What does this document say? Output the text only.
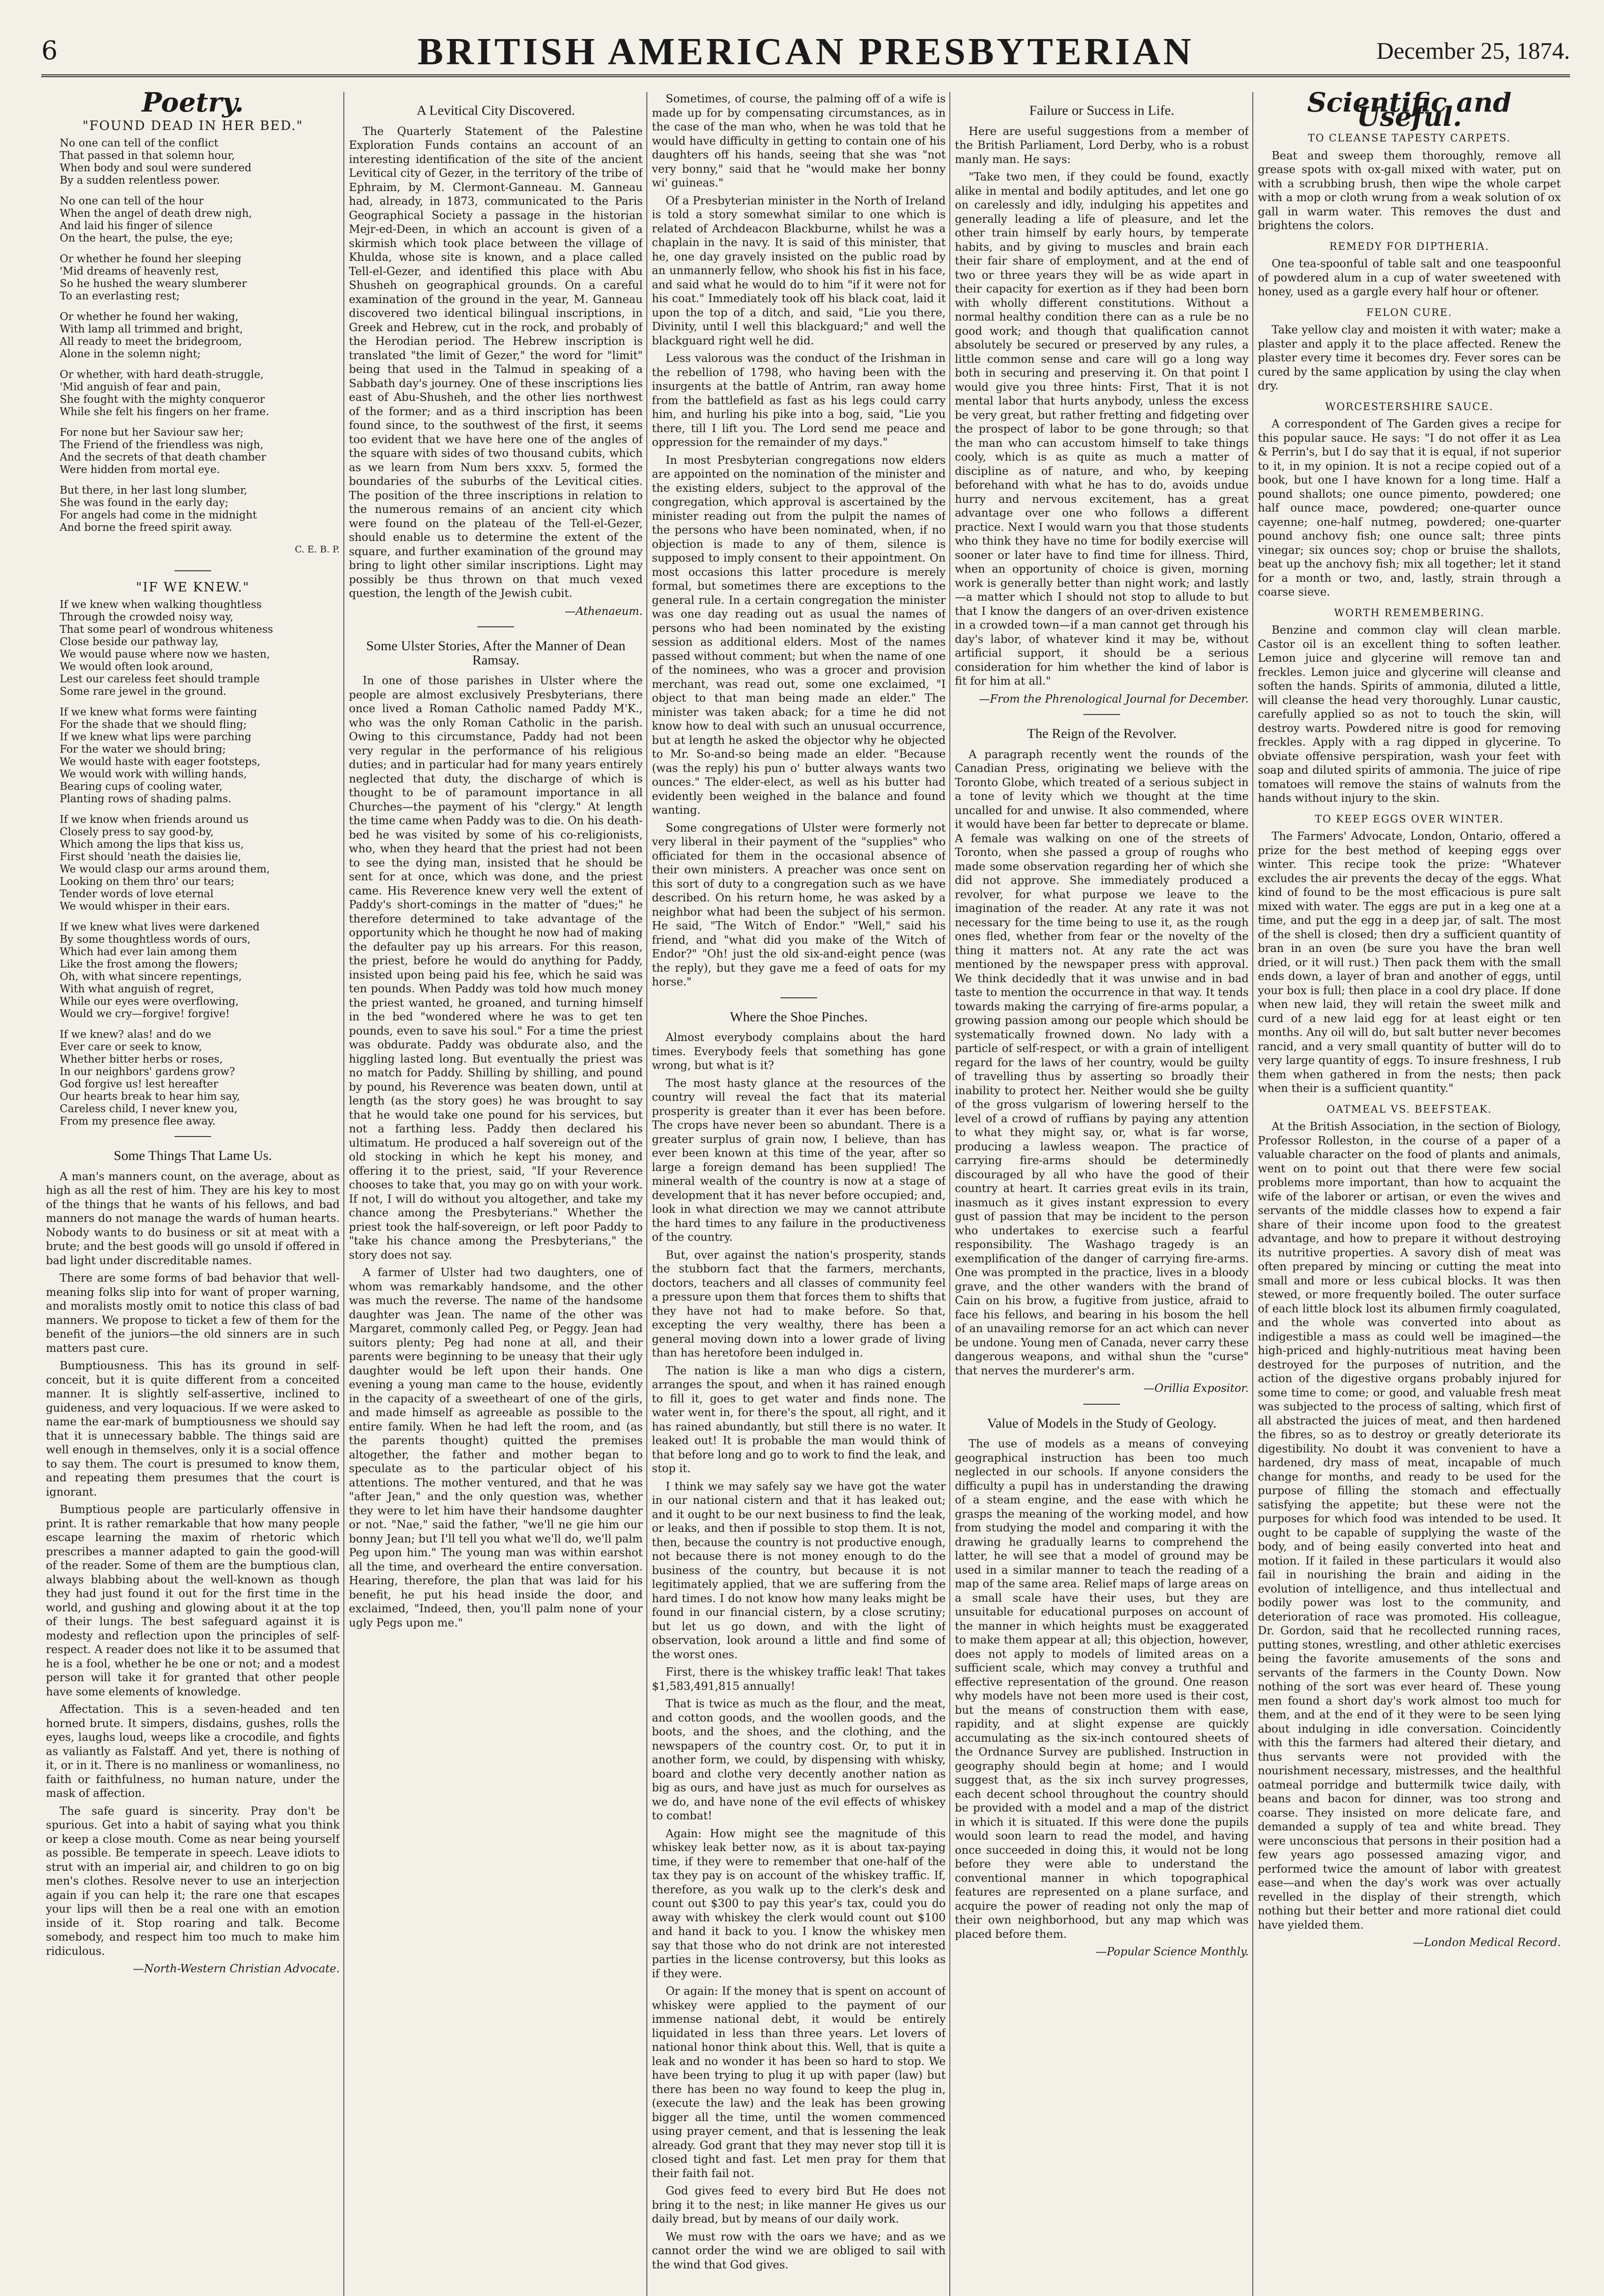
6	BRITISH AMERICAN PRESBYTERIAN	December 25, 1874.
Poetry.
"FOUND DEAD IN HER BED."

No one can tell of the conflict

That passed in that solemn hour,

When body and soul were sundered

By a sudden relentless power.

No one can tell of the hour

When the angel of death drew nigh,

And laid his finger of silence

On the heart, the pulse, the eye;

Or whether he found her sleeping

'Mid dreams of heavenly rest,

So he hushed the weary slumberer

To an everlasting rest;

Or whether he found her waking,

With lamp all trimmed and bright,

All ready to meet the bridegroom,

Alone in the solemn night;

Or whether, with hard death-struggle,

'Mid anguish of fear and pain,

She fought with the mighty conqueror

While she felt his fingers on her frame.

For none but her Saviour saw her;

The Friend of the friendless was nigh,

And the secrets of that death chamber

Were hidden from mortal eye.

But there, in her last long slumber,

She was found in the early day;

For angels had come in the midnight

And borne the freed spirit away.

C. E. B. P.
"IF WE KNEW."

If we knew when walking thoughtless

Through the crowded noisy way,

That some pearl of wondrous whiteness

Close beside our pathway lay,

We would pause where now we hasten,

We would often look around,

Lest our careless feet should trample

Some rare jewel in the ground.

If we knew what forms were fainting

For the shade that we should fling;

If we knew what lips were parching

For the water we should bring;

We would haste with eager footsteps,

We would work with willing hands,

Bearing cups of cooling water,

Planting rows of shading palms.

If we know when friends around us

Closely press to say good-by,

Which among the lips that kiss us,

First should 'neath the daisies lie,

We would clasp our arms around them,

Looking on them thro' our tears;

Tender words of love eternal

We would whisper in their ears.

If we knew what lives were darkened

By some thoughtless words of ours,

Which had ever lain among them

Like the frost among the flowers;

Oh, with what sincere repentings,

With what anguish of regret,

While our eyes were overflowing,

Would we cry—forgive! forgive!

If we knew? alas! and do we

Ever care or seek to know,

Whether bitter herbs or roses,

In our neighbors' gardens grow?

God forgive us! lest hereafter

Our hearts break to hear him say,

Careless child, I never knew you,

From my presence flee away.

Some Things That Lame Us.

A man's manners count, on the average, about as high as all the rest of him. They are his key to most of the things that he wants of his fellows, and bad manners do not manage the wards of human hearts. Nobody wants to do business or sit at meat with a brute; and the best goods will go unsold if offered in bad light under discreditable names.

There are some forms of bad behavior that well-meaning folks slip into for want of proper warning, and moralists mostly omit to notice this class of bad manners. We propose to ticket a few of them for the benefit of the juniors—the old sinners are in such matters past cure.

Bumptiousness. This has its ground in self-conceit, but it is quite different from a conceited manner. It is slightly self-assertive, inclined to guideness, and very loquacious. If we were asked to name the ear-mark of bumptiousness we should say that it is unnecessary babble. The things said are well enough in themselves, only it is a social offence to say them. The court is presumed to know them, and repeating them presumes that the court is ignorant.

Bumptious people are particularly offensive in print. It is rather remarkable that how many people escape learning the maxim of rhetoric which prescribes a manner adapted to gain the good-will of the reader. Some of them are the bumptious clan, always blabbing about the well-known as though they had just found it out for the first time in the world, and gushing and glowing about it at the top of their lungs. The best safeguard against it is modesty and reflection upon the principles of self-respect. A reader does not like it to be assumed that he is a fool, whether he be one or not; and a modest person will take it for granted that other people have some elements of knowledge.

Affectation. This is a seven-headed and ten horned brute. It simpers, disdains, gushes, rolls the eyes, laughs loud, weeps like a crocodile, and fights as valiantly as Falstaff. And yet, there is nothing of it, or in it. There is no manliness or womanliness, no faith or faithfulness, no human nature, under the mask of affection.

The safe guard is sincerity. Pray don't be spurious. Get into a habit of saying what you think or keep a close mouth. Come as near being yourself as possible. Be temperate in speech. Leave idiots to strut with an imperial air, and children to go on big men's clothes. Resolve never to use an interjection again if you can help it; the rare one that escapes your lips will then be a real one with an emotion inside of it. Stop roaring and talk. Become somebody, and respect him too much to make him ridiculous.

—North-Western Christian Advocate.
A Levitical City Discovered.

The Quarterly Statement of the Palestine Exploration Funds contains an account of an interesting identification of the site of the ancient Levitical city of Gezer, in the territory of the tribe of Ephraim, by M. Clermont-Ganneau. M. Ganneau had, already, in 1873, communicated to the Paris Geographical Society a passage in the historian Mejr-ed-Deen, in which an account is given of a skirmish which took place between the village of Khulda, whose site is known, and a place called Tell-el-Gezer, and identified this place with Abu Shusheh on geographical grounds. On a careful examination of the ground in the year, M. Ganneau discovered two identical bilingual inscriptions, in Greek and Hebrew, cut in the rock, and probably of the Herodian period. The Hebrew inscription is translated "the limit of Gezer," the word for "limit" being that used in the Talmud in speaking of a Sabbath day's journey. One of these inscriptions lies east of Abu-Shusheh, and the other lies northwest of the former; and as a third inscription has been found since, to the southwest of the first, it seems too evident that we have here one of the angles of the square with sides of two thousand cubits, which as we learn from Num bers xxxv. 5, formed the boundaries of the suburbs of the Levitical cities. The position of the three inscriptions in relation to the numerous remains of an ancient city which were found on the plateau of the Tell-el-Gezer, should enable us to determine the extent of the square, and further examination of the ground may bring to light other similar inscriptions. Light may possibly be thus thrown on that much vexed question, the length of the Jewish cubit.

—Athenaeum.
Some Ulster Stories, After the Manner of Dean Ramsay.

In one of those parishes in Ulster where the people are almost exclusively Presbyterians, there once lived a Roman Catholic named Paddy M'K., who was the only Roman Catholic in the parish. Owing to this circumstance, Paddy had not been very regular in the performance of his religious duties; and in particular had for many years entirely neglected that duty, the discharge of which is thought to be of paramount importance in all Churches—the payment of his "clergy." At length the time came when Paddy was to die. On his death-bed he was visited by some of his co-religionists, who, when they heard that the priest had not been to see the dying man, insisted that he should be sent for at once, which was done, and the priest came. His Reverence knew very well the extent of Paddy's short-comings in the matter of "dues;" he therefore determined to take advantage of the opportunity which he thought he now had of making the defaulter pay up his arrears. For this reason, the priest, before he would do anything for Paddy, insisted upon being paid his fee, which he said was ten pounds. When Paddy was told how much money the priest wanted, he groaned, and turning himself in the bed "wondered where he was to get ten pounds, even to save his soul." For a time the priest was obdurate. Paddy was obdurate also, and the higgling lasted long. But eventually the priest was no match for Paddy. Shilling by shilling, and pound by pound, his Reverence was beaten down, until at length (as the story goes) he was brought to say that he would take one pound for his services, but not a farthing less. Paddy then declared his ultimatum. He produced a half sovereign out of the old stocking in which he kept his money, and offering it to the priest, said, "If your Reverence chooses to take that, you may go on with your work. If not, I will do without you altogether, and take my chance among the Presbyterians." Whether the priest took the half-sovereign, or left poor Paddy to "take his chance among the Presbyterians," the story does not say.

A farmer of Ulster had two daughters, one of whom was remarkably handsome, and the other was much the reverse. The name of the handsome daughter was Jean. The name of the other was Margaret, commonly called Peg, or Peggy. Jean had suitors plenty; Peg had none at all, and their parents were beginning to be uneasy that their ugly daughter would be left upon their hands. One evening a young man came to the house, evidently in the capacity of a sweetheart of one of the girls, and made himself as agreeable as possible to the entire family. When he had left the room, and (as the parents thought) quitted the premises altogether, the father and mother began to speculate as to the particular object of his attentions. The mother ventured, and that he was "after Jean," and the only question was, whether they were to let him have their handsome daughter or not. "Nae," said the father, "we'll ne gie him our bonny Jean; but I'll tell you what we'll do, we'll palm Peg upon him." The young man was within earshot all the time, and overheard the entire conversation. Hearing, therefore, the plan that was laid for his benefit, he put his head inside the door, and exclaimed, "Indeed, then, you'll palm none of your ugly Pegs upon me."

Sometimes, of course, the palming off of a wife is made up for by compensating circumstances, as in the case of the man who, when he was told that he would have difficulty in getting to contain one of his daughters off his hands, seeing that she was "not very bonny," said that he "would make her bonny wi' guineas."

Of a Presbyterian minister in the North of Ireland is told a story somewhat similar to one which is related of Archdeacon Blackburne, whilst he was a chaplain in the navy. It is said of this minister, that he, one day gravely insisted on the public road by an unmannerly fellow, who shook his fist in his face, and said what he would do to him "if it were not for his coat." Immediately took off his black coat, laid it upon the top of a ditch, and said, "Lie you there, Divinity, until I well this blackguard;" and well the blackguard right well he did.

Less valorous was the conduct of the Irishman in the rebellion of 1798, who having been with the insurgents at the battle of Antrim, ran away home from the battlefield as fast as his legs could carry him, and hurling his pike into a bog, said, "Lie you there, till I lift you. The Lord send me peace and oppression for the remainder of my days."

In most Presbyterian congregations now elders are appointed on the nomination of the minister and the existing elders, subject to the approval of the congregation, which approval is ascertained by the minister reading out from the pulpit the names of the persons who have been nominated, when, if no objection is made to any of them, silence is supposed to imply consent to their appointment. On most occasions this latter procedure is merely formal, but sometimes there are exceptions to the general rule. In a certain congregation the minister was one day reading out as usual the names of persons who had been nominated by the existing session as additional elders. Most of the names passed without comment; but when the name of one of the nominees, who was a grocer and provision merchant, was read out, some one exclaimed, "I object to that man being made an elder." The minister was taken aback; for a time he did not know how to deal with such an unusual occurrence, but at length he asked the objector why he objected to Mr. So-and-so being made an elder. "Because (was the reply) his pun o' butter always wants two ounces." The elder-elect, as well as his butter had evidently been weighed in the balance and found wanting.

Some congregations of Ulster were formerly not very liberal in their payment of the "supplies" who officiated for them in the occasional absence of their own ministers. A preacher was once sent on this sort of duty to a congregation such as we have described. On his return home, he was asked by a neighbor what had been the subject of his sermon. He said, "The Witch of Endor." "Well," said his friend, and "what did you make of the Witch of Endor?" "Oh! just the old six-and-eight pence (was the reply), but they gave me a feed of oats for my horse."

Where the Shoe Pinches.

Almost everybody complains about the hard times. Everybody feels that something has gone wrong, but what is it?

The most hasty glance at the resources of the country will reveal the fact that its material prosperity is greater than it ever has been before. The crops have never been so abundant. There is a greater surplus of grain now, I believe, than has ever been known at this time of the year, after so large a foreign demand has been supplied! The mineral wealth of the country is now at a stage of development that it has never before occupied; and, look in what direction we may we cannot attribute the hard times to any failure in the productiveness of the country.

But, over against the nation's prosperity, stands the stubborn fact that the farmers, merchants, doctors, teachers and all classes of community feel a pressure upon them that forces them to shifts that they have not had to make before. So that, excepting the very wealthy, there has been a general moving down into a lower grade of living than has heretofore been indulged in.

The nation is like a man who digs a cistern, arranges the spout, and when it has rained enough to fill it, goes to get water and finds none. The water went in, for there's the spout, all right, and it has rained abundantly, but still there is no water. It leaked out! It is probable the man would think of that before long and go to work to find the leak, and stop it.

I think we may safely say we have got the water in our national cistern and that it has leaked out; and it ought to be our next business to find the leak, or leaks, and then if possible to stop them. It is not, then, because the country is not productive enough, not because there is not money enough to do the business of the country, but because it is not legitimately applied, that we are suffering from the hard times. I do not know how many leaks might be found in our financial cistern, by a close scrutiny; but let us go down, and with the light of observation, look around a little and find some of the worst ones.

First, there is the whiskey traffic leak! That takes $1,583,491,815 annually!

That is twice as much as the flour, and the meat, and cotton goods, and the woollen goods, and the boots, and the shoes, and the clothing, and the newspapers of the country cost. Or, to put it in another form, we could, by dispensing with whisky, board and clothe very decently another nation as big as ours, and have just as much for ourselves as we do, and have none of the evil effects of whiskey to combat!

Again: How might see the magnitude of this whiskey leak better now, as it is about tax-paying time, if they were to remember that one-half of the tax they pay is on account of the whiskey traffic. If, therefore, as you walk up to the clerk's desk and count out $300 to pay this year's tax, could you do away with whiskey the clerk would count out $100 and hand it back to you. I know the whiskey men say that those who do not drink are not interested parties in the license controversy, but this looks as if they were.

Or again: If the money that is spent on account of whiskey were applied to the payment of our immense national debt, it would be entirely liquidated in less than three years. Let lovers of national honor think about this. Well, that is quite a leak and no wonder it has been so hard to stop. We have been trying to plug it up with paper (law) but there has been no way found to keep the plug in, (execute the law) and the leak has been growing bigger all the time, until the women commenced using prayer cement, and that is lessening the leak already. God grant that they may never stop till it is closed tight and fast. Let men pray for them that their faith fail not.

God gives feed to every bird But He does not bring it to the nest; in like manner He gives us our daily bread, but by means of our daily work.

We must row with the oars we have; and as we cannot order the wind we are obliged to sail with the wind that God gives.

Failure or Success in Life.

Here are useful suggestions from a member of the British Parliament, Lord Derby, who is a robust manly man. He says:

"Take two men, if they could be found, exactly alike in mental and bodily aptitudes, and let one go on carelessly and idly, indulging his appetites and generally leading a life of pleasure, and let the other train himself by early hours, by temperate habits, and by giving to muscles and brain each their fair share of employment, and at the end of two or three years they will be as wide apart in their capacity for exertion as if they had been born with wholly different constitutions. Without a normal healthy condition there can as a rule be no good work; and though that qualification cannot absolutely be secured or preserved by any rules, a little common sense and care will go a long way both in securing and preserving it. On that point I would give you three hints: First, That it is not mental labor that hurts anybody, unless the excess be very great, but rather fretting and fidgeting over the prospect of labor to be gone through; so that the man who can accustom himself to take things cooly, which is as quite as much a matter of discipline as of nature, and who, by keeping beforehand with what he has to do, avoids undue hurry and nervous excitement, has a great advantage over one who follows a different practice. Next I would warn you that those students who think they have no time for bodily exercise will sooner or later have to find time for illness. Third, when an opportunity of choice is given, morning work is generally better than night work; and lastly—a matter which I should not stop to allude to but that I know the dangers of an over-driven existence in a crowded town—if a man cannot get through his day's labor, of whatever kind it may be, without artificial support, it should be a serious consideration for him whether the kind of labor is fit for him at all."

—From the Phrenological Journal for December.
The Reign of the Revolver.

A paragraph recently went the rounds of the Canadian Press, originating we believe with the Toronto Globe, which treated of a serious subject in a tone of levity which we thought at the time uncalled for and unwise. It also commended, where it would have been far better to deprecate or blame. A female was walking on one of the streets of Toronto, when she passed a group of roughs who made some observation regarding her of which she did not approve. She immediately produced a revolver, for what purpose we leave to the imagination of the reader. At any rate it was not necessary for the time being to use it, as the rough ones fled, whether from fear or the novelty of the thing it matters not. At any rate the act was mentioned by the newspaper press with approval. We think decidedly that it was unwise and in bad taste to mention the occurrence in that way. It tends towards making the carrying of fire-arms popular, a growing passion among our people which should be systematically frowned down. No lady with a particle of self-respect, or with a grain of intelligent regard for the laws of her country, would be guilty of travelling thus by asserting so broadly their inability to protect her. Neither would she be guilty of the gross vulgarism of lowering herself to the level of a crowd of ruffians by paying any attention to what they might say, or, what is far worse, producing a lawless weapon. The practice of carrying fire-arms should be determinedly discouraged by all who have the good of their country at heart. It carries great evils in its train, inasmuch as it gives instant expression to every gust of passion that may be incident to the person who undertakes to exercise such a fearful responsibility. The Washago tragedy is an exemplification of the danger of carrying fire-arms. One was prompted in the practice, lives in a bloody grave, and the other wanders with the brand of Cain on his brow, a fugitive from justice, afraid to face his fellows, and bearing in his bosom the hell of an unavailing remorse for an act which can never be undone. Young men of Canada, never carry these dangerous weapons, and withal shun the "curse" that nerves the murderer's arm.

—Orillia Expositor.
Value of Models in the Study of Geology.

The use of models as a means of conveying geographical instruction has been too much neglected in our schools. If anyone considers the difficulty a pupil has in understanding the drawing of a steam engine, and the ease with which he grasps the meaning of the working model, and how from studying the model and comparing it with the drawing he gradually learns to comprehend the latter, he will see that a model of ground may be used in a similar manner to teach the reading of a map of the same area. Relief maps of large areas on a small scale have their uses, but they are unsuitable for educational purposes on account of the manner in which heights must be exaggerated to make them appear at all; this objection, however, does not apply to models of limited areas on a sufficient scale, which may convey a truthful and effective representation of the ground. One reason why models have not been more used is their cost, but the means of construction them with ease, rapidity, and at slight expense are quickly accumulating as the six-inch contoured sheets of the Ordnance Survey are published. Instruction in geography should begin at home; and I would suggest that, as the six inch survey progresses, each decent school throughout the country should be provided with a model and a map of the district in which it is situated. If this were done the pupils would soon learn to read the model, and having once succeeded in doing this, it would not be long before they were able to understand the conventional manner in which topographical features are represented on a plane surface, and acquire the power of reading not only the map of their own neighborhood, but any map which was placed before them.

—Popular Science Monthly.
Scientific and Useful.
TO CLEANSE TAPESTY CARPETS.

Beat and sweep them thoroughly, remove all grease spots with ox-gall mixed with water, put on with a scrubbing brush, then wipe the whole carpet with a mop or cloth wrung from a weak solution of ox gall in warm water. This removes the dust and brightens the colors.

REMEDY FOR DIPTHERIA.

One tea-spoonful of table salt and one teaspoonful of powdered alum in a cup of water sweetened with honey, used as a gargle every half hour or oftener.

FELON CURE.

Take yellow clay and moisten it with water; make a plaster and apply it to the place affected. Renew the plaster every time it becomes dry. Fever sores can be cured by the same application by using the clay when dry.

WORCESTERSHIRE SAUCE.

A correspondent of The Garden gives a recipe for this popular sauce. He says: "I do not offer it as Lea & Perrin's, but I do say that it is equal, if not superior to it, in my opinion. It is not a recipe copied out of a book, but one I have known for a long time. Half a pound shallots; one ounce pimento, powdered; one half ounce mace, powdered; one-quarter ounce cayenne; one-half nutmeg, powdered; one-quarter pound anchovy fish; one ounce salt; three pints vinegar; six ounces soy; chop or bruise the shallots, beat up the anchovy fish; mix all together; let it stand for a month or two, and, lastly, strain through a coarse sieve.

WORTH REMEMBERING.

Benzine and common clay will clean marble. Castor oil is an excellent thing to soften leather. Lemon juice and glycerine will remove tan and freckles. Lemon juice and glycerine will cleanse and soften the hands. Spirits of ammonia, diluted a little, will cleanse the head very thoroughly. Lunar caustic, carefully applied so as not to touch the skin, will destroy warts. Powdered nitre is good for removing freckles. Apply with a rag dipped in glycerine. To obviate offensive perspiration, wash your feet with soap and diluted spirits of ammonia. The juice of ripe tomatoes will remove the stains of walnuts from the hands without injury to the skin.

TO KEEP EGGS OVER WINTER.

The Farmers' Advocate, London, Ontario, offered a prize for the best method of keeping eggs over winter. This recipe took the prize: "Whatever excludes the air prevents the decay of the eggs. What kind of found to be the most efficacious is pure salt mixed with water. The eggs are put in a keg one at a time, and put the egg in a deep jar, of salt. The most of the shell is closed; then dry a sufficient quantity of bran in an oven (be sure you have the bran well dried, or it will rust.) Then pack them with the small ends down, a layer of bran and another of eggs, until your box is full; then place in a cool dry place. If done when new laid, they will retain the sweet milk and curd of a new laid egg for at least eight or ten months. Any oil will do, but salt butter never becomes rancid, and a very small quantity of butter will do to very large quantity of eggs. To insure freshness, I rub them when gathered in from the nests; then pack when their is a sufficient quantity."

OATMEAL VS. BEEFSTEAK.

At the British Association, in the section of Biology, Professor Rolleston, in the course of a paper of a valuable character on the food of plants and animals, went on to point out that there were few social problems more important, than how to acquaint the wife of the laborer or artisan, or even the wives and servants of the middle classes how to expend a fair share of their income upon food to the greatest advantage, and how to prepare it without destroying its nutritive properties. A savory dish of meat was often prepared by mincing or cutting the meat into small and more or less cubical blocks. It was then stewed, or more frequently boiled. The outer surface of each little block lost its albumen firmly coagulated, and the whole was converted into about as indigestible a mass as could well be imagined—the high-priced and highly-nutritious meat having been destroyed for the purposes of nutrition, and the action of the digestive organs probably injured for some time to come; or good, and valuable fresh meat was subjected to the process of salting, which first of all abstracted the juices of meat, and then hardened the fibres, so as to destroy or greatly deteriorate its digestibility. No doubt it was convenient to have a hardened, dry mass of meat, incapable of much change for months, and ready to be used for the purpose of filling the stomach and effectually satisfying the appetite; but these were not the purposes for which food was intended to be used. It ought to be capable of supplying the waste of the body, and of being easily converted into heat and motion. If it failed in these particulars it would also fail in nourishing the brain and aiding in the evolution of intelligence, and thus intellectual and bodily power was lost to the community, and deterioration of race was promoted. His colleague, Dr. Gordon, said that he recollected running races, putting stones, wrestling, and other athletic exercises being the favorite amusements of the sons and servants of the farmers in the County Down. Now nothing of the sort was ever heard of. These young men found a short day's work almost too much for them, and at the end of it they were to be seen lying about indulging in idle conversation. Coincidently with this the farmers had altered their dietary, and thus servants were not provided with the nourishment necessary, mistresses, and the healthful oatmeal porridge and buttermilk twice daily, with beans and bacon for dinner, was too strong and coarse. They insisted on more delicate fare, and demanded a supply of tea and white bread. They were unconscious that persons in their position had a few years ago possessed amazing vigor, and performed twice the amount of labor with greatest ease—and when the day's work was over actually revelled in the display of their strength, which nothing but their better and more rational diet could have yielded them.

—London Medical Record.
